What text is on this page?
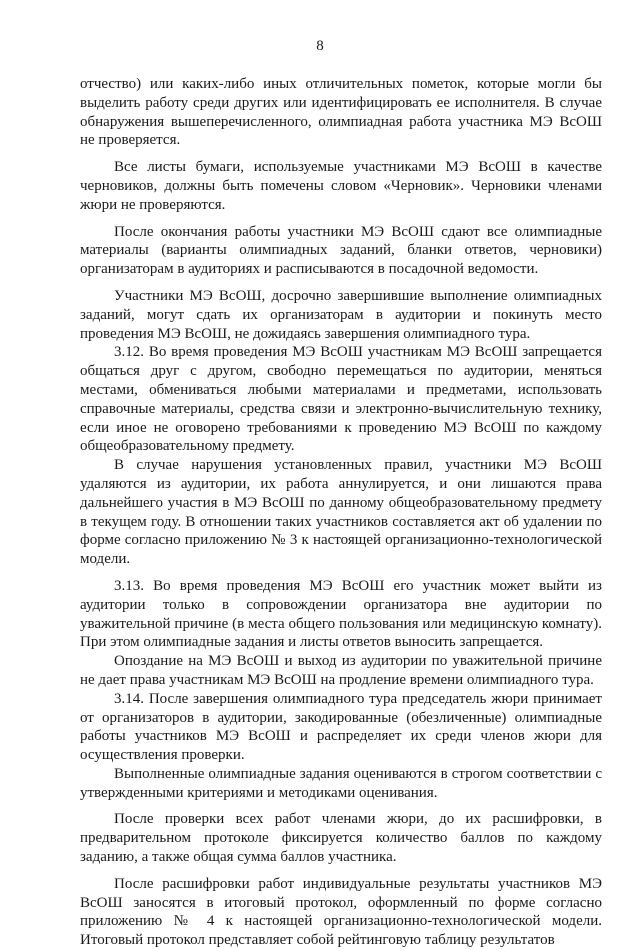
8

отчество) или каких-либо иных отличительных пометок, которые могли бы выделить работу среди других или идентифицировать ее исполнителя. В случае обнаружения вышеперечисленного, олимпиадная работа участника МЭ ВсОШ не проверяется.

Все листы бумаги, используемые участниками МЭ ВсОШ в качестве черновиков, должны быть помечены словом «Черновик». Черновики членами жюри не проверяются.

После окончания работы участники МЭ ВсОШ сдают все олимпиадные материалы (варианты олимпиадных заданий, бланки ответов, черновики) организаторам в аудиториях и расписываются в посадочной ведомости.

Участники МЭ ВсОШ, досрочно завершившие выполнение олимпиадных заданий, могут сдать их организаторам в аудитории и покинуть место проведения МЭ ВсОШ, не дожидаясь завершения олимпиадного тура.

3.12. Во время проведения МЭ ВсОШ участникам МЭ ВсОШ запрещается общаться друг с другом, свободно перемещаться по аудитории, меняться местами, обмениваться любыми материалами и предметами, использовать справочные материалы, средства связи и электронно-вычислительную технику, если иное не оговорено требованиями к проведению МЭ ВсОШ по каждому общеобразовательному предмету.

В случае нарушения установленных правил, участники МЭ ВсОШ удаляются из аудитории, их работа аннулируется, и они лишаются права дальнейшего участия в МЭ ВсОШ по данному общеобразовательному предмету в текущем году. В отношении таких участников составляется акт об удалении по форме согласно приложению № 3 к настоящей организационно-технологической модели.

3.13. Во время проведения МЭ ВсОШ его участник может выйти из аудитории только в сопровождении организатора вне аудитории по уважительной причине (в места общего пользования или медицинскую комнату). При этом олимпиадные задания и листы ответов выносить запрещается.

Опоздание на МЭ ВсОШ и выход из аудитории по уважительной причине не дает права участникам МЭ ВсОШ на продление времени олимпиадного тура.

3.14. После завершения олимпиадного тура председатель жюри принимает от организаторов в аудитории, закодированные (обезличенные) олимпиадные работы участников МЭ ВсОШ и распределяет их среди членов жюри для осуществления проверки.

Выполненные олимпиадные задания оцениваются в строгом соответствии с утвержденными критериями и методиками оценивания.

После проверки всех работ членами жюри, до их расшифровки, в предварительном протоколе фиксируется количество баллов по каждому заданию, а также общая сумма баллов участника.

После расшифровки работ индивидуальные результаты участников МЭ ВсОШ заносятся в итоговый протокол, оформленный по форме согласно приложению № 4 к настоящей организационно-технологической модели. Итоговый протокол представляет собой рейтинговую таблицу результатов
